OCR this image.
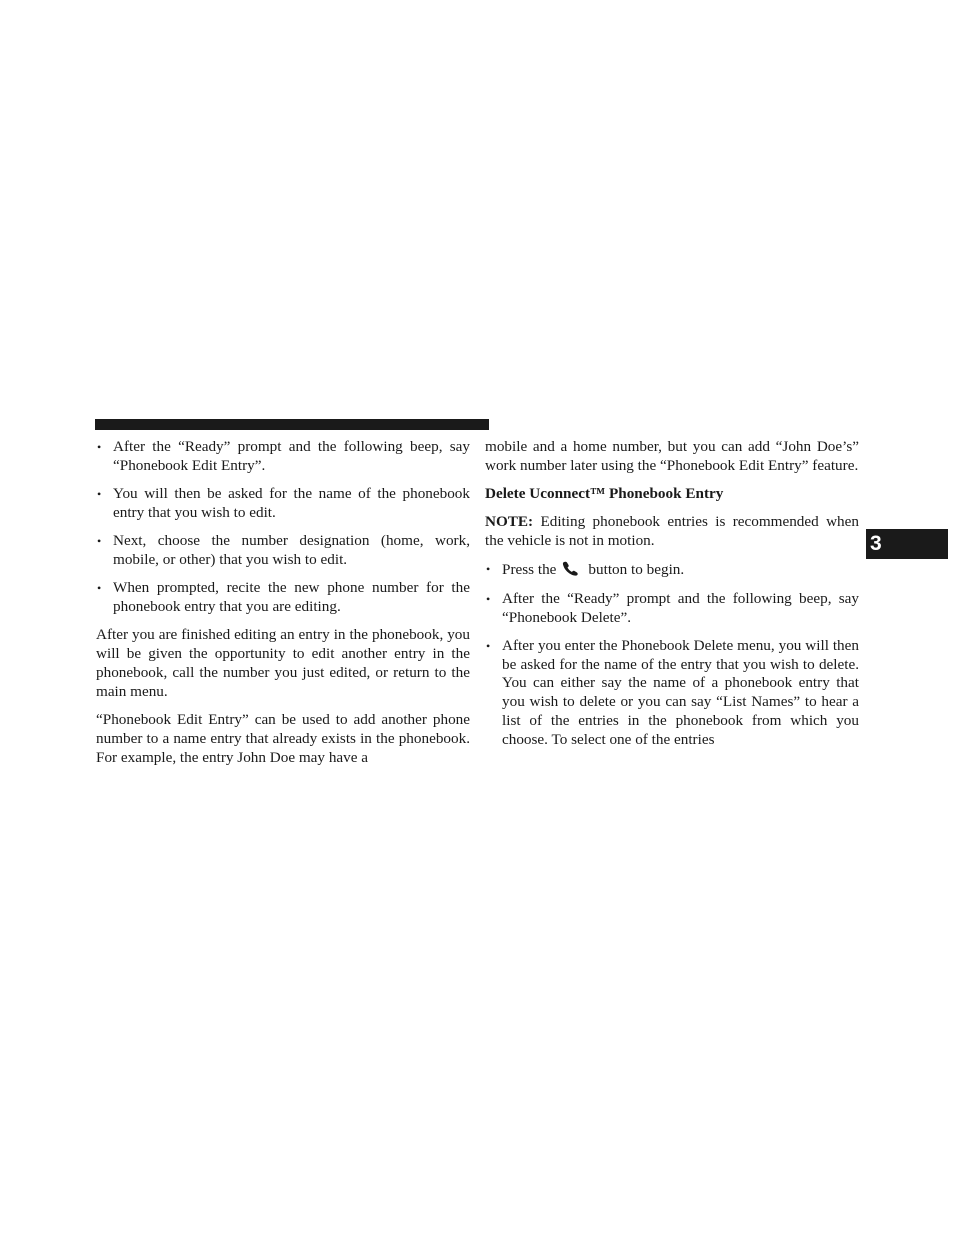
• After the “Ready” prompt and the following beep, say “Phonebook Edit Entry”.
• You will then be asked for the name of the phonebook entry that you wish to edit.
• Next, choose the number designation (home, work, mobile, or other) that you wish to edit.
• When prompted, recite the new phone number for the phonebook entry that you are editing.

After you are finished editing an entry in the phonebook, you will be given the opportunity to edit another entry in the phonebook, call the number you just edited, or return to the main menu.

“Phonebook Edit Entry” can be used to add another phone number to a name entry that already exists in the phonebook. For example, the entry John Doe may have a

mobile and a home number, but you can add “John Doe’s” work number later using the “Phonebook Edit Entry” feature.

Delete Uconnect™ Phonebook Entry

NOTE: Editing phonebook entries is recommended when the vehicle is not in motion.

• Press the button to begin.
• After the “Ready” prompt and the following beep, say “Phonebook Delete”.
• After you enter the Phonebook Delete menu, you will then be asked for the name of the entry that you wish to delete. You can either say the name of a phonebook entry that you wish to delete or you can say “List Names” to hear a list of the entries in the phonebook from which you choose. To select one of the entries
3
